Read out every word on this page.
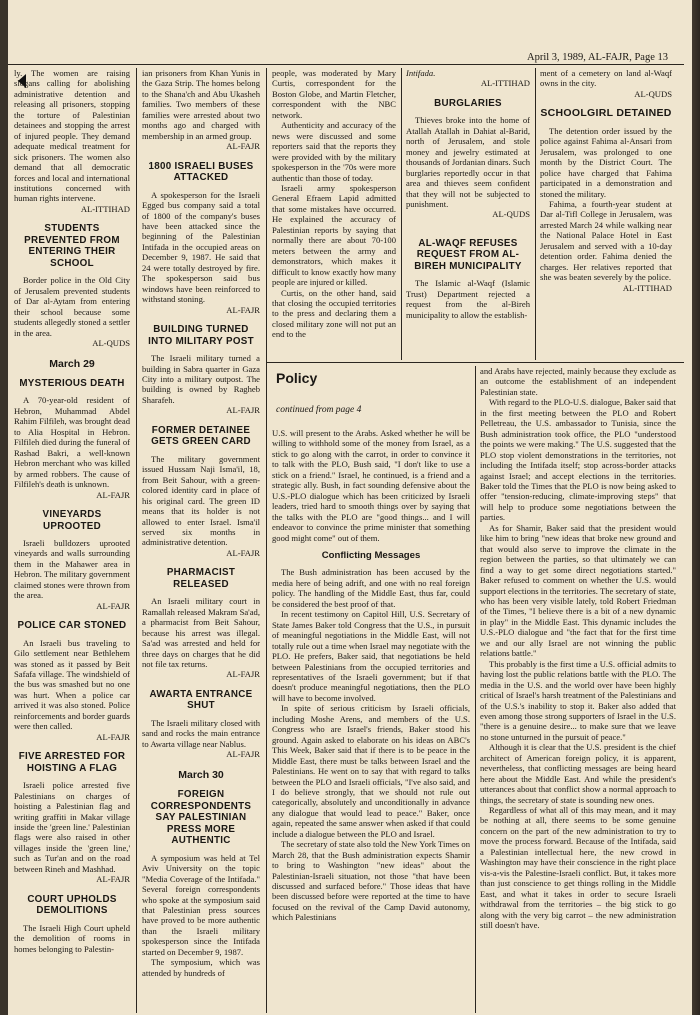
April 3, 1989, AL-FAJR, Page 13

ly. The women are raising slogans calling for abolishing administrative detention and releasing all prisoners, stopping the torture of Palestinian detainees and stopping the arrest of injured people. They demand adequate medical treatment for sick prisoners. The women also demand that all democratic forces and local and international institutions concerned with human rights intervene.

AL-ITTIHAD
STUDENTS PREVENTED FROM ENTERING THEIR SCHOOL

Border police in the Old City of Jerusalem prevented students of Dar al-Aytam from entering their school because some students allegedly stoned a settler in the area.

AL-QUDS
March 29
MYSTERIOUS DEATH

A 70-year-old resident of Hebron, Muhammad Abdel Rahim Filfileh, was brought dead to Alia Hospital in Hebron. Filfileh died during the funeral of Rashad Bakri, a well-known Hebron merchant who was killed by armed robbers. The cause of Filfileh's death is unknown.

AL-FAJR
VINEYARDS UPROOTED

Israeli bulldozers uprooted vineyards and walls surrounding them in the Mahawer area in Hebron. The military government claimed stones were thrown from the area.

AL-FAJR
POLICE CAR STONED

An Israeli bus traveling to Gilo settlement near Bethlehem was stoned as it passed by Beit Safafa village. The windshield of the bus was smashed but no one was hurt. When a police car arrived it was also stoned. Police reinforcements and border guards were then called.

AL-FAJR
FIVE ARRESTED FOR HOISTING A FLAG

Israeli police arrested five Palestinians on charges of hoisting a Palestinian flag and writing graffiti in Makar village inside the 'green line.' Palestinian flags were also raised in other villages inside the 'green line,' such as Tur'an and on the road between Rineh and Mashhad.

AL-FAJR
COURT UPHOLDS DEMOLITIONS

The Israeli High Court upheld the demolition of rooms in homes belonging to Palestin-

ian prisoners from Khan Yunis in the Gaza Strip. The homes belong to the Shana'ch and Abu Ukasheh families. Two members of these families were arrested about two months ago and charged with membership in an armed group.

AL-FAJR
1800 ISRAELI BUSES ATTACKED

A spokesperson for the Israeli Egged bus company said a total of 1800 of the company's buses have been attacked since the beginning of the Palestinian Intifada in the occupied areas on December 9, 1987. He said that 24 were totally destroyed by fire. The spokesperson said bus windows have been reinforced to withstand stoning.

AL-FAJR
BUILDING TURNED INTO MILITARY POST

The Israeli military turned a building in Sabra quarter in Gaza City into a military outpost. The building is owned by Ragheb Sharafeh.

AL-FAJR
FORMER DETAINEE GETS GREEN CARD

The military government issued Hussam Naji Isma'il, 18, from Beit Sahour, with a green-colored identity card in place of his original card. The green ID means that its holder is not allowed to enter Israel. Isma'il served six months in administrative detention.

AL-FAJR
PHARMACIST RELEASED

An Israeli military court in Ramallah released Makram Sa'ad, a pharmacist from Beit Sahour, because his arrest was illegal. Sa'ad was arrested and held for three days on charges that he did not file tax returns.

AL-FAJR
AWARTA ENTRANCE SHUT

The Israeli military closed with sand and rocks the main entrance to Awarta village near Nablus.

AL-FAJR
March 30
FOREIGN CORRESPONDENTS SAY PALESTINIAN PRESS MORE AUTHENTIC

A symposium was held at Tel Aviv University on the topic "Media Coverage of the Intifada." Several foreign correspondents who spoke at the symposium said that Palestinian press sources have proved to be more authentic than the Israeli military spokesperson since the Intifada started on December 9, 1987.

The symposium, which was attended by hundreds of

people, was moderated by Mary Curtis, correspondent for the Boston Globe, and Martin Fletcher, correspondent with the NBC network.

Authenticity and accuracy of the news were discussed and some reporters said that the reports they were provided with by the military spokesperson in the '70s were more authentic than those of today.

Israeli army spokesperson General Efraem Lapid admitted that some mistakes have occurred. He explained the accuracy of Palestinian reports by saying that normally there are about 70-100 meters between the army and demonstrators, which makes it difficult to know exactly how many people are injured or killed.

Curtis, on the other hand, said that closing the occupied territories to the press and declaring them a closed military zone will not put an end to the

Intifada.

AL-ITTIHAD
BURGLARIES

Thieves broke into the home of Atallah Atallah in Dahiat al-Barid, north of Jerusalem, and stole money and jewelry estimated at thousands of Jordanian dinars. Such burglaries reportedly occur in that area and thieves seem confident that they will not be subjected to punishment.

AL-QUDS
AL-WAQF REFUSES REQUEST FROM AL-BIREH MUNICIPALITY

The Islamic al-Waqf (Islamic Trust) Department rejected a request from the al-Bireh municipality to allow the establish-

ment of a cemetery on land al-Waqf owns in the city.

AL-QUDS
SCHOOLGIRL DETAINED

The detention order issued by the police against Fahima al-Ansari from Jerusalem, was prolonged to one month by the District Court. The police have charged that Fahima participated in a demonstration and stoned the military.

Fahima, a fourth-year student at Dar al-Tifl College in Jerusalem, was arrested March 24 while walking near the National Palace Hotel in East Jerusalem and served with a 10-day detention order. Fahima denied the charges. Her relatives reported that she was beaten severely by the police.

AL-ITTIHAD
Policy
continued from page 4

U.S. will present to the Arabs. Asked whether he will be willing to withhold some of the money from Israel, as a stick to go along with the carrot, in order to convince it to talk with the PLO, Bush said, "I don't like to use a stick on a friend." Israel, he continued, is a friend and a strategic ally. Bush, in fact sounding defensive about the U.S.-PLO dialogue which has been criticized by Israeli leaders, tried hard to smooth things over by saying that the talks with the PLO are "good things... and I will endeavor to convince the prime minister that something good might come" out of them.

Conflicting Messages

The Bush administration has been accused by the media here of being adrift, and one with no real foreign policy. The handling of the Middle East, thus far, could be considered the best proof of that.

In recent testimony on Capitol Hill, U.S. Secretary of State James Baker told Congress that the U.S., in pursuit of meaningful negotiations in the Middle East, will not totally rule out a time when Israel may negotiate with the PLO. He prefers, Baker said, that negotiations be held between Palestinians from the occupied territories and representatives of the Israeli government; but if that doesn't produce meaningful negotiations, then the PLO will have to become involved.

In spite of serious criticism by Israeli officials, including Moshe Arens, and members of the U.S. Congress who are Israel's friends, Baker stood his ground. Again asked to elaborate on his ideas on ABC's This Week, Baker said that if there is to be peace in the Middle East, there must be talks between Israel and the Palestinians. He went on to say that with regard to talks between the PLO and Israeli officials, "I've also said, and I do believe strongly, that we should not rule out categorically, absolutely and unconditionally in advance any dialogue that would lead to peace." Baker, once again, repeated the same answer when asked if that could include a dialogue between the PLO and Israel.

The secretary of state also told the New York Times on March 28, that the Bush administration expects Shamir to bring to Washington "new ideas" about the Palestinian-Israeli situation, not those "that have been discussed and surfaced before." Those ideas that have been discussed before were reported at the time to have focused on the revival of the Camp David autonomy, which Palestinians

and Arabs have rejected, mainly because they exclude as an outcome the establishment of an independent Palestinian state.

With regard to the PLO-U.S. dialogue, Baker said that in the first meeting between the PLO and Robert Pelletreau, the U.S. ambassador to Tunisia, since the Bush administration took office, the PLO "understood the points we were making." The U.S. suggested that the PLO stop violent demonstrations in the territories, not including the Intifada itself; stop across-border attacks against Israel; and accept elections in the territories. Baker told the Times that the PLO is now being asked to offer "tension-reducing, climate-improving steps" that will help to produce some negotiations between the parties.

As for Shamir, Baker said that the president would like him to bring "new ideas that broke new ground and that would also serve to improve the climate in the region between the parties, so that ultimately we can find a way to get some direct negotiations started." Baker refused to comment on whether the U.S. would support elections in the territories. The secretary of state, who has been very visible lately, told Robert Friedman of the Times, "I believe there is a bit of a new dynamic in play" in the Middle East. This dynamic includes the U.S.-PLO dialogue and "the fact that for the first time we and our ally Israel are not winning the public relations battle."

This probably is the first time a U.S. official admits to having lost the public relations battle with the PLO. The media in the U.S. and the world over have been highly critical of Israel's harsh treatment of the Palestinians and of the U.S.'s inability to stop it. Baker also added that even among those strong supporters of Israel in the U.S. "there is a genuine desire... to make sure that we leave no stone unturned in the pursuit of peace."

Although it is clear that the U.S. president is the chief architect of American foreign policy, it is apparent, nevertheless, that conflicting messages are being heard here about the Middle East. And while the president's utterances about that conflict show a normal approach to things, the secretary of state is sounding new ones.

Regardless of what all of this may mean, and it may be nothing at all, there seems to be some genuine concern on the part of the new administration to try to move the process forward. Because of the Intifada, said a Palestinian intellectual here, the new crowd in Washington may have their conscience in the right place vis-a-vis the Palestine-Israeli conflict. But, it takes more than just conscience to get things rolling in the Middle East, and what it takes in order to secure Israeli withdrawal from the territories – the big stick to go along with the very big carrot – the new administration still doesn't have.
